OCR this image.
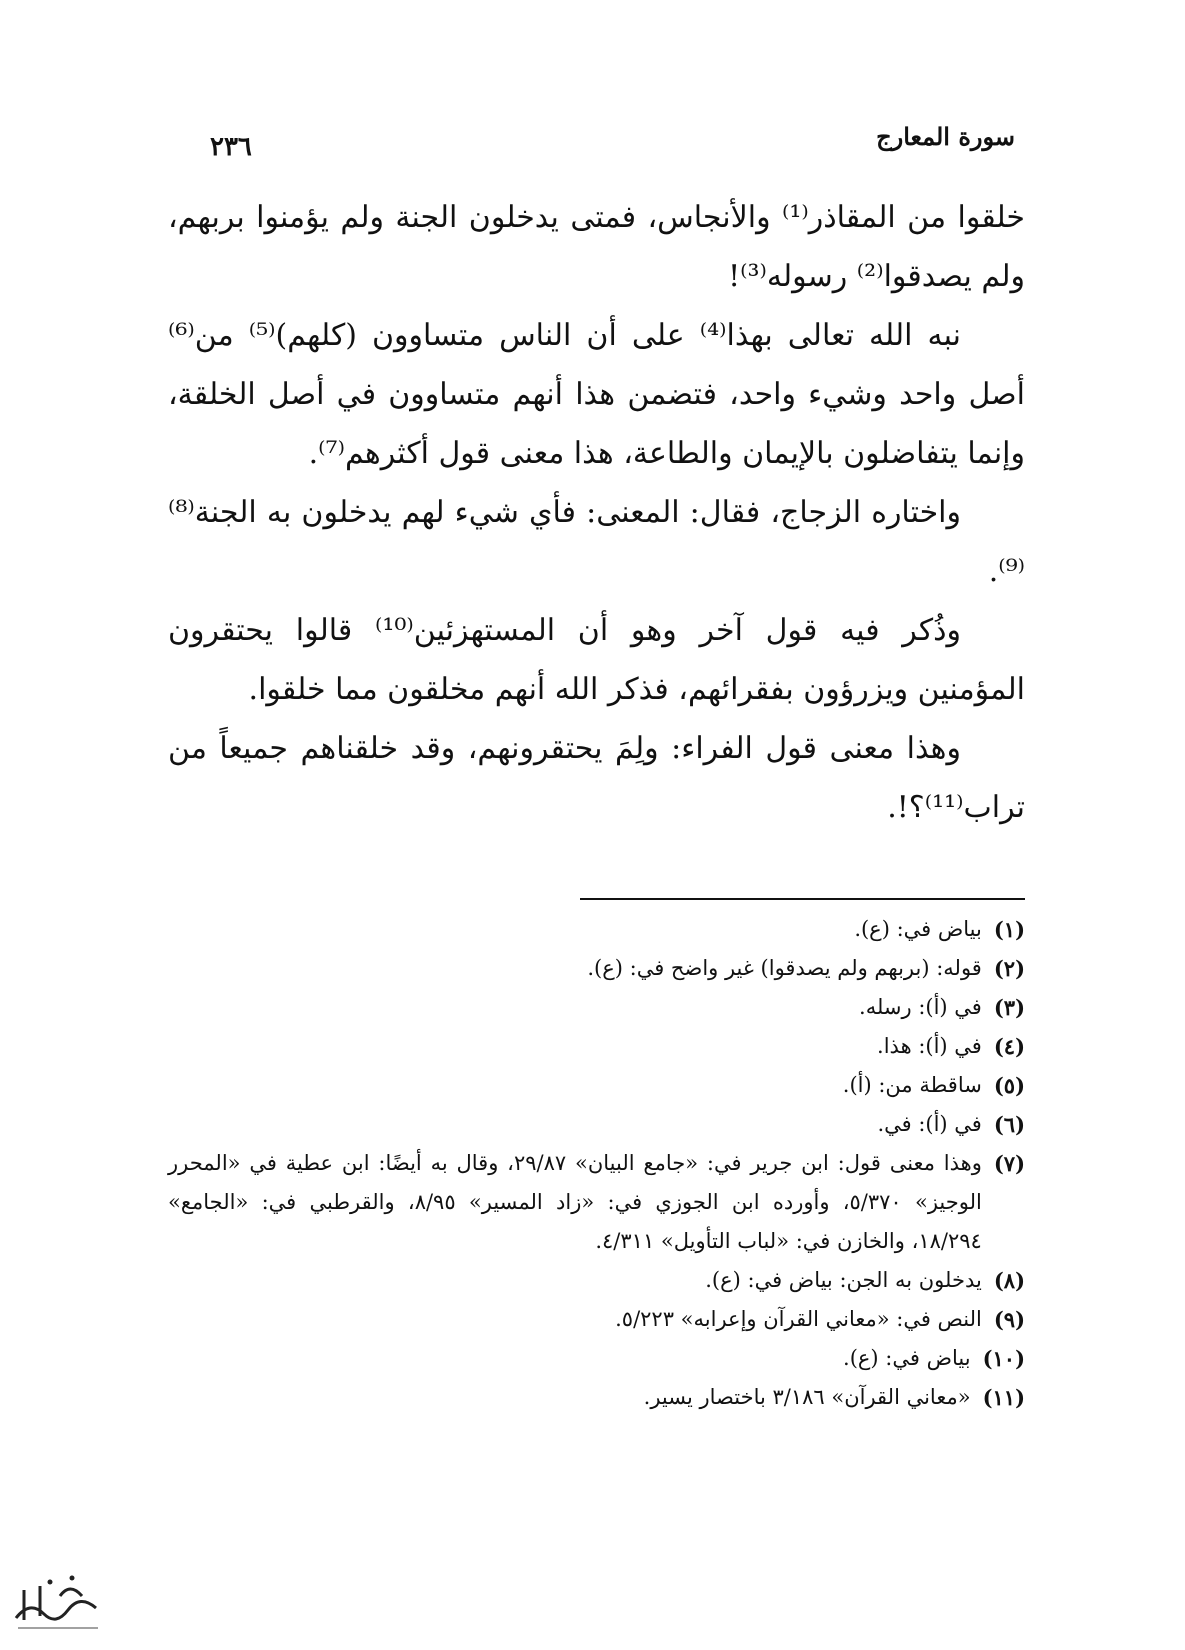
سورة المعارج
٢٣٦

خلقوا من المقاذر⁽¹⁾ والأنجاس، فمتى يدخلون الجنة ولم يؤمنوا بربهم، ولم يصدقوا⁽²⁾ رسوله⁽³⁾!

نبه الله تعالى بهذا⁽⁴⁾ على أن الناس متساوون (كلهم)⁽⁵⁾ من⁽⁶⁾ أصل واحد وشيء واحد، فتضمن هذا أنهم متساوون في أصل الخلقة، وإنما يتفاضلون بالإيمان والطاعة، هذا معنى قول أكثرهم⁽⁷⁾.

واختاره الزجاج، فقال: المعنى: فأي شيء لهم يدخلون به الجنة⁽⁸⁾⁽⁹⁾.

وذُكر فيه قول آخر وهو أن المستهزئين⁽¹⁰⁾ قالوا يحتقرون المؤمنين ويزرؤون بفقرائهم، فذكر الله أنهم مخلقون مما خلقوا.

وهذا معنى قول الفراء: ولِمَ يحتقرونهم، وقد خلقناهم جميعاً من تراب⁽¹¹⁾؟!.

(١)
بياض في: (ع).
(٢)
قوله: (بربهم ولم يصدقوا) غير واضح في: (ع).
(٣)
في (أ): رسله.
(٤)
في (أ): هذا.
(٥)
ساقطة من: (أ).
(٦)
في (أ): في.
(٧)
وهذا معنى قول: ابن جرير في: «جامع البيان» ٢٩/٨٧، وقال به أيضًا: ابن عطية في «المحرر الوجيز» ٥/٣٧٠، وأورده ابن الجوزي في: «زاد المسير» ٨/٩٥، والقرطبي في: «الجامع» ١٨/٢٩٤، والخازن في: «لباب التأويل» ٤/٣١١.
(٨)
يدخلون به الجن: بياض في: (ع).
(٩)
النص في: «معاني القرآن وإعرابه» ٥/٢٢٣.
(١٠)
بياض في: (ع).
(١١)
«معاني القرآن» ٣/١٨٦ باختصار يسير.
